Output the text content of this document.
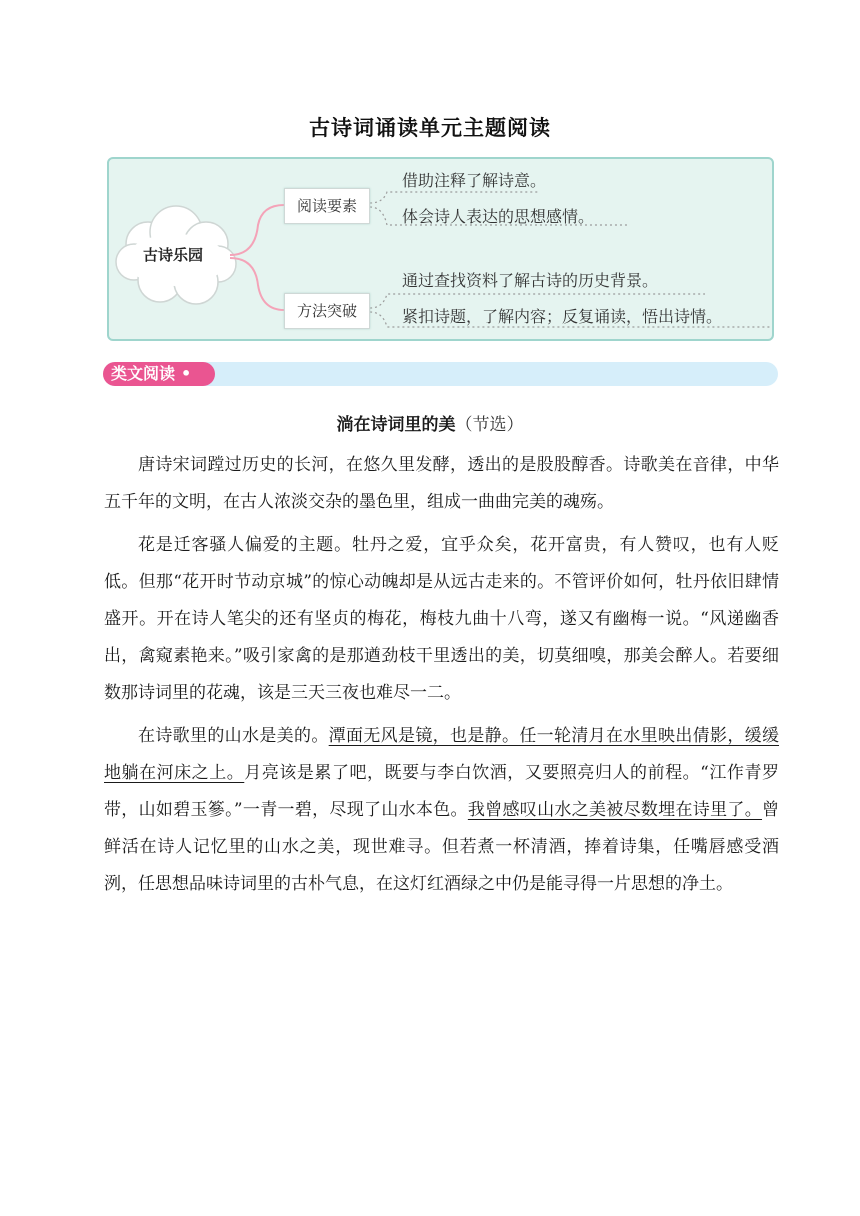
古诗词诵读单元主题阅读
古诗乐园
阅读要素
方法突破
借助注释了解诗意。
体会诗人表达的思想感情。
通过查找资料了解古诗的历史背景。
紧扣诗题，了解内容；反复诵读，悟出诗情。
类文阅读 •
淌在诗词里的美（节选）

唐诗宋词蹚过历史的长河，在悠久里发酵，透出的是股股醇香。诗歌美在音律，中华五千年的文明，在古人浓淡交杂的墨色里，组成一曲曲完美的魂殇。

花是迁客骚人偏爱的主题。牡丹之爱，宜乎众矣，花开富贵，有人赞叹，也有人贬低。但那“花开时节动京城”的惊心动魄却是从远古走来的。不管评价如何，牡丹依旧肆情盛开。开在诗人笔尖的还有坚贞的梅花，梅枝九曲十八弯，遂又有幽梅一说。“风递幽香出，禽窥素艳来。”吸引家禽的是那遒劲枝干里透出的美，切莫细嗅，那美会醉人。若要细数那诗词里的花魂，该是三天三夜也难尽一二。

在诗歌里的山水是美的。潭面无风是镜，也是静。任一轮清月在水里映出倩影，缓缓地躺在河床之上。月亮该是累了吧，既要与李白饮酒，又要照亮归人的前程。“江作青罗带，山如碧玉篸。”一青一碧，尽现了山水本色。我曾感叹山水之美被尽数埋在诗里了。曾鲜活在诗人记忆里的山水之美，现世难寻。但若煮一杯清酒，捧着诗集，任嘴唇感受酒洌，任思想品味诗词里的古朴气息，在这灯红酒绿之中仍是能寻得一片思想的净土。
